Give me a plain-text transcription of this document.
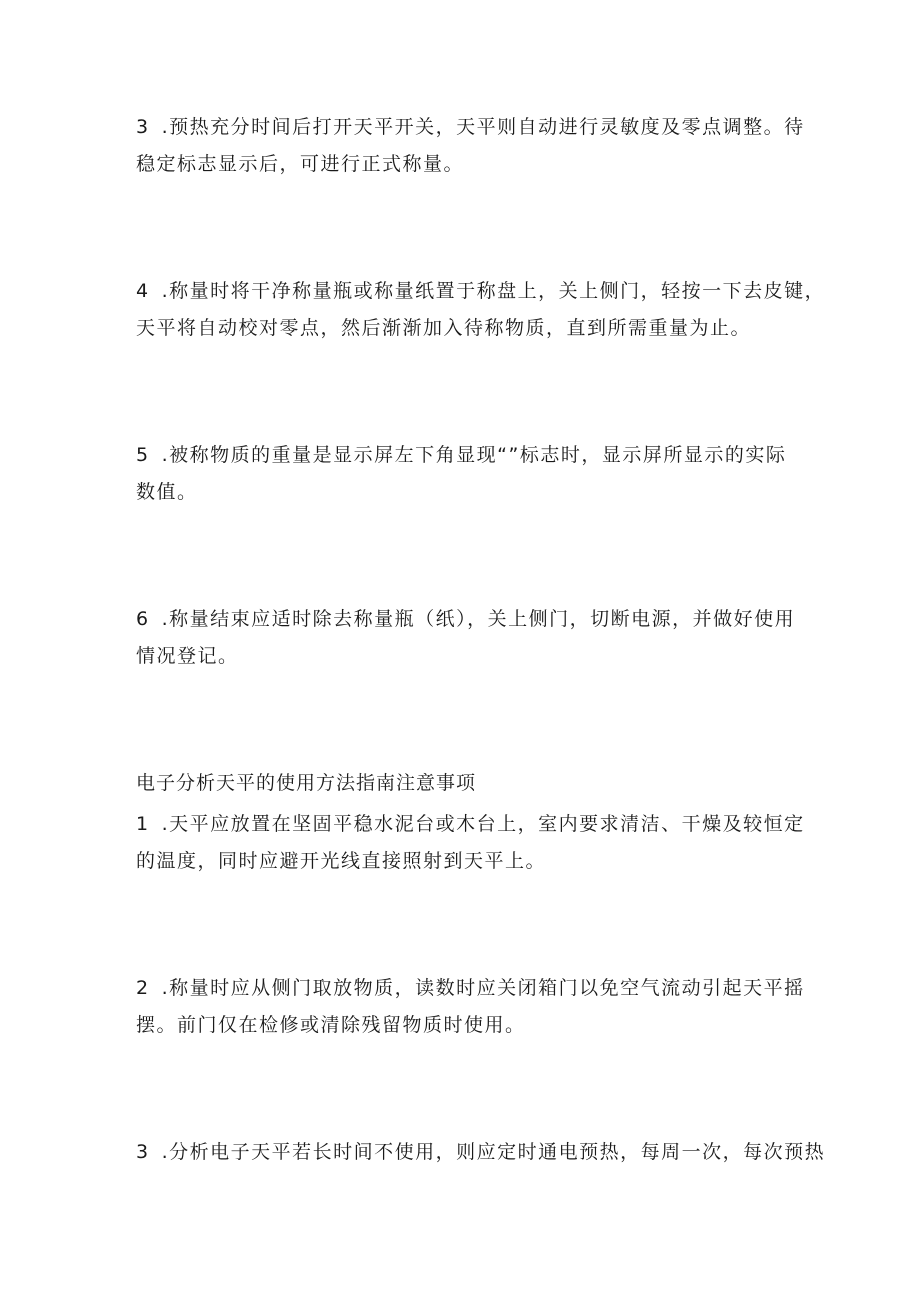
3 .预热充分时间后打开天平开关，天平则自动进行灵敏度及零点调整。待
稳定标志显示后，可进行正式称量。
4 .称量时将干净称量瓶或称量纸置于称盘上，关上侧门，轻按一下去皮键，
天平将自动校对零点，然后渐渐加入待称物质，直到所需重量为止。
5 .被称物质的重量是显示屏左下角显现“”标志时，显示屏所显示的实际
数值。
6 .称量结束应适时除去称量瓶（纸），关上侧门，切断电源，并做好使用
情况登记。
电子分析天平的使用方法指南注意事项
1 .天平应放置在坚固平稳水泥台或木台上，室内要求清洁、干燥及较恒定
的温度，同时应避开光线直接照射到天平上。
2 .称量时应从侧门取放物质，读数时应关闭箱门以免空气流动引起天平摇
摆。前门仅在检修或清除残留物质时使用。
3 .分析电子天平若长时间不使用，则应定时通电预热，每周一次，每次预热
